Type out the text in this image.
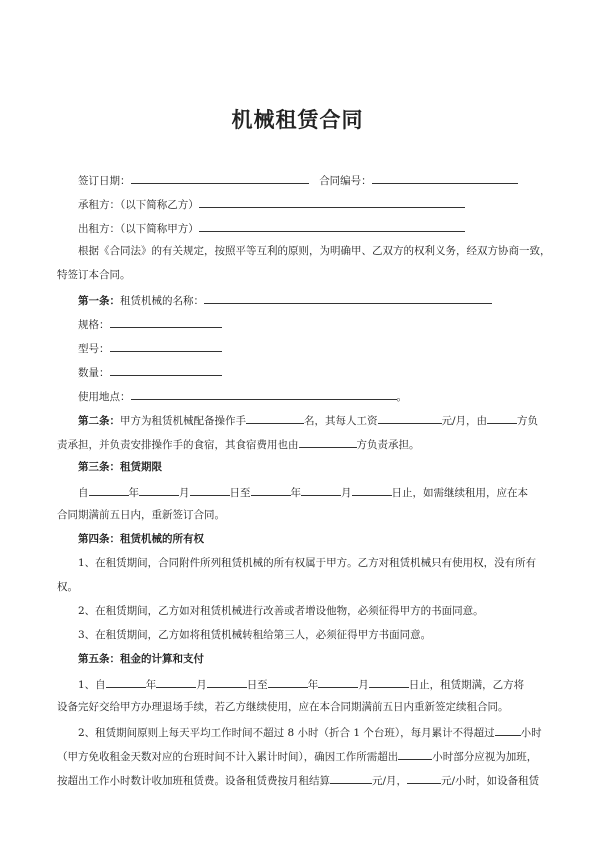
机械租赁合同
签订日期：	合同编号：
承租方：（以下简称乙方）
出租方：（以下简称甲方）
根据《合同法》的有关规定，按照平等互利的原则，为明确甲、乙双方的权利义务，经双方协商一致，
特签订本合同。
第一条：租赁机械的名称：
规格：
型号：
数量：
使用地点：	。
第二条：甲方为租赁机械配备操作手	名，其每人工资	元/月，由	方负
责承担，并负责安排操作手的食宿，其食宿费用也由	方负责承担。
第三条：租赁期限
自	年	月	日至	年	月	日止，如需继续租用，应在本
合同期满前五日内，重新签订合同。
第四条：租赁机械的所有权
1、在租赁期间，合同附件所列租赁机械的所有权属于甲方。乙方对租赁机械只有使用权，没有所有
权。
2、在租赁期间，乙方如对租赁机械进行改善或者增设他物，必须征得甲方的书面同意。
3、在租赁期间，乙方如将租赁机械转租给第三人，必须征得甲方书面同意。
第五条：租金的计算和支付
1、自	年	月	日至	年	月	日止，租赁期满，乙方将
设备完好交给甲方办理退场手续，若乙方继续使用，应在本合同期满前五日内重新签定续租合同。
2、租赁期间原则上每天平均工作时间不超过 8 小时（折合 1 个台班），每月累计不得超过 小时
（甲方免收租金天数对应的台班时间不计入累计时间），确因工作所需超出	小时部分应视为加班，
按超出工作小时数计收加班租赁费。设备租赁费按月租结算	元/月，	元/小时，如设备租赁
